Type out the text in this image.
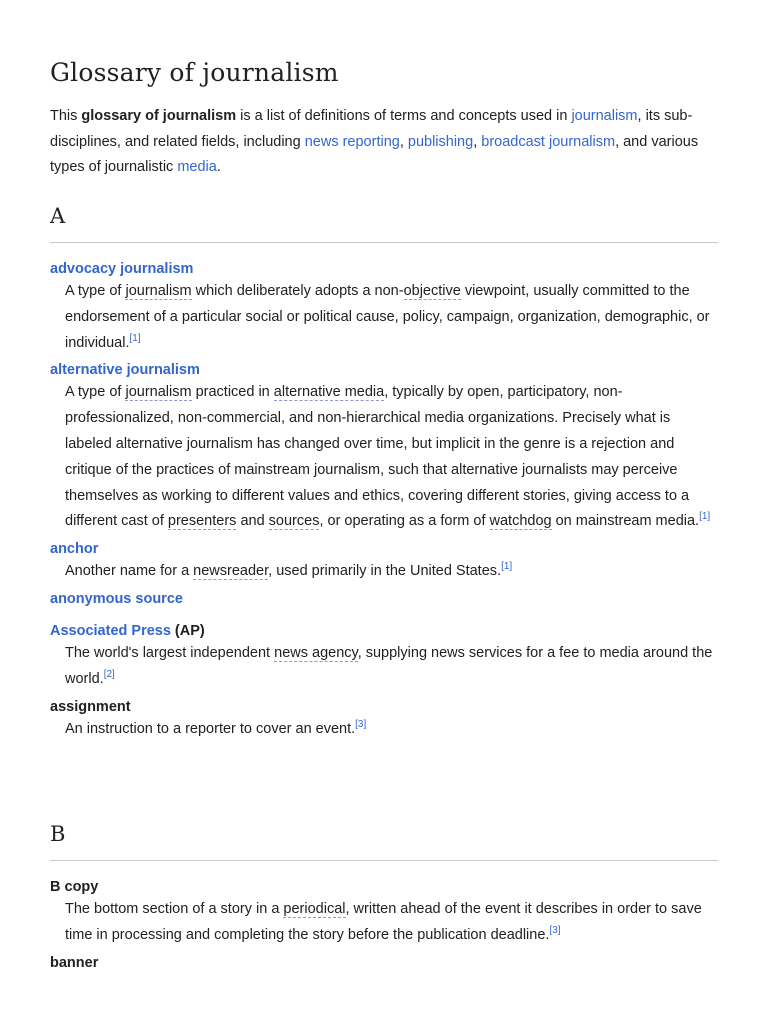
Glossary of journalism

This glossary of journalism is a list of definitions of terms and concepts used in journalism, its sub-disciplines, and related fields, including news reporting, publishing, broadcast journalism, and various types of journalistic media.

A
advocacy journalism
A type of journalism which deliberately adopts a non-objective viewpoint, usually committed to the endorsement of a particular social or political cause, policy, campaign, organization, demographic, or individual.[1]
alternative journalism
A type of journalism practiced in alternative media, typically by open, participatory, non-professionalized, non-commercial, and non-hierarchical media organizations. Precisely what is labeled alternative journalism has changed over time, but implicit in the genre is a rejection and critique of the practices of mainstream journalism, such that alternative journalists may perceive themselves as working to different values and ethics, covering different stories, giving access to a different cast of presenters and sources, or operating as a form of watchdog on mainstream media.[1]
anchor
Another name for a newsreader, used primarily in the United States.[1]
anonymous source
Associated Press (AP)
The world's largest independent news agency, supplying news services for a fee to media around the world.[2]
assignment
An instruction to a reporter to cover an event.[3]
B
B copy
The bottom section of a story in a periodical, written ahead of the event it describes in order to save time in processing and completing the story before the publication deadline.[3]
banner
